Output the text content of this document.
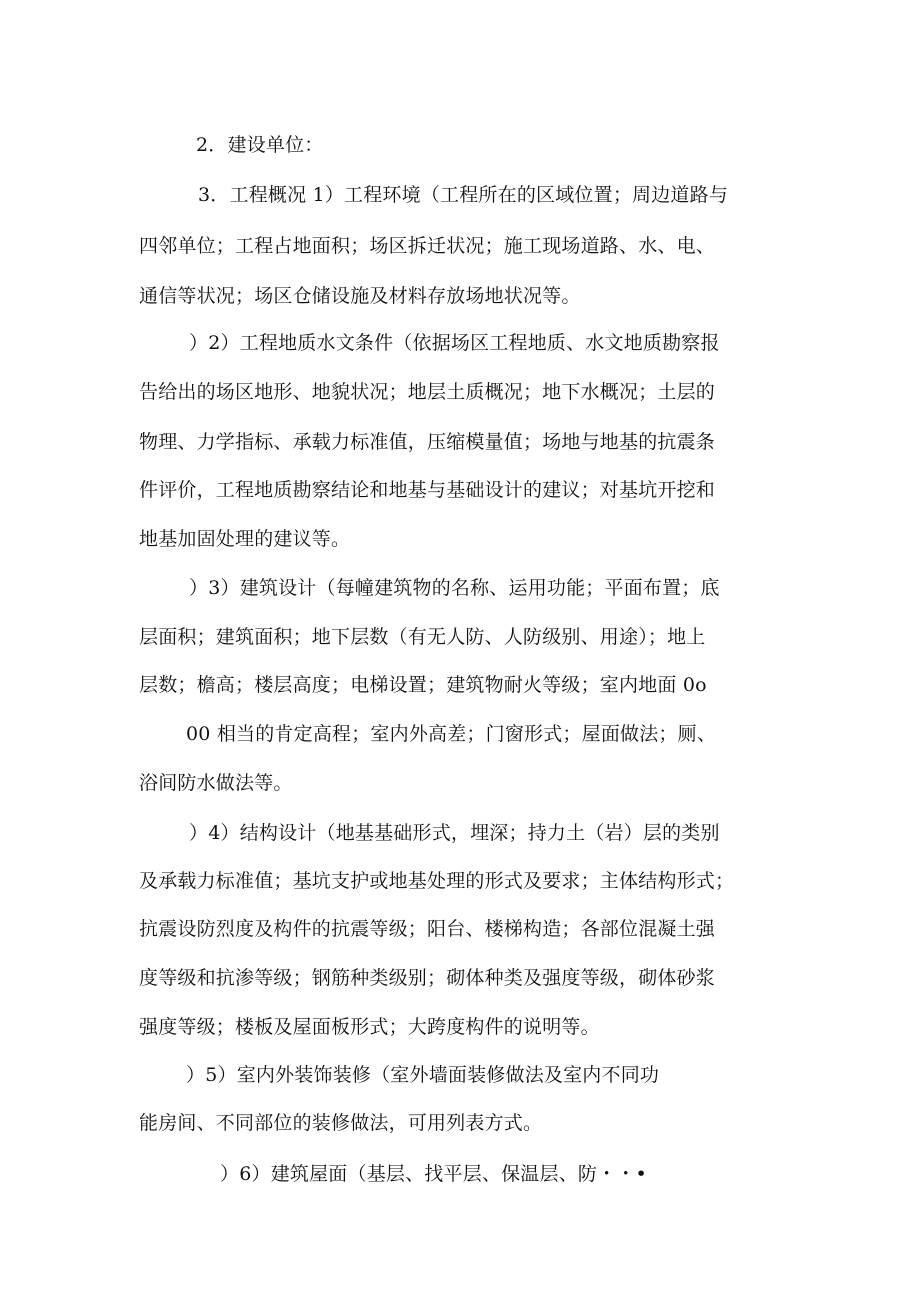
2．建设单位：
3．工程概况 1）工程环境（工程所在的区域位置；周边道路与
四邻单位；工程占地面积；场区拆迁状况；施工现场道路、水、电、
通信等状况；场区仓储设施及材料存放场地状况等。
）2）工程地质水文条件（依据场区工程地质、水文地质勘察报
告给出的场区地形、地貌状况；地层土质概况；地下水概况；土层的
物理、力学指标、承载力标准值，压缩模量值；场地与地基的抗震条
件评价，工程地质勘察结论和地基与基础设计的建议；对基坑开挖和
地基加固处理的建议等。
）3）建筑设计（每幢建筑物的名称、运用功能；平面布置；底
层面积；建筑面积；地下层数（有无人防、人防级别、用途）；地上
层数；檐高；楼层高度；电梯设置；建筑物耐火等级；室内地面 0o
00 相当的肯定高程；室内外高差；门窗形式；屋面做法；厕、
浴间防水做法等。
）4）结构设计（地基基础形式，埋深；持力土（岩）层的类别
及承载力标准值；基坑支护或地基处理的形式及要求；主体结构形式；
抗震设防烈度及构件的抗震等级；阳台、楼梯构造；各部位混凝土强
度等级和抗渗等级；钢筋种类级别；砌体种类及强度等级，砌体砂浆
强度等级；楼板及屋面板形式；大跨度构件的说明等。
）5）室内外装饰装修（室外墙面装修做法及室内不同功
能房间、不同部位的装修做法，可用列表方式。
）6）建筑屋面（基层、找平层、保温层、防・・•
